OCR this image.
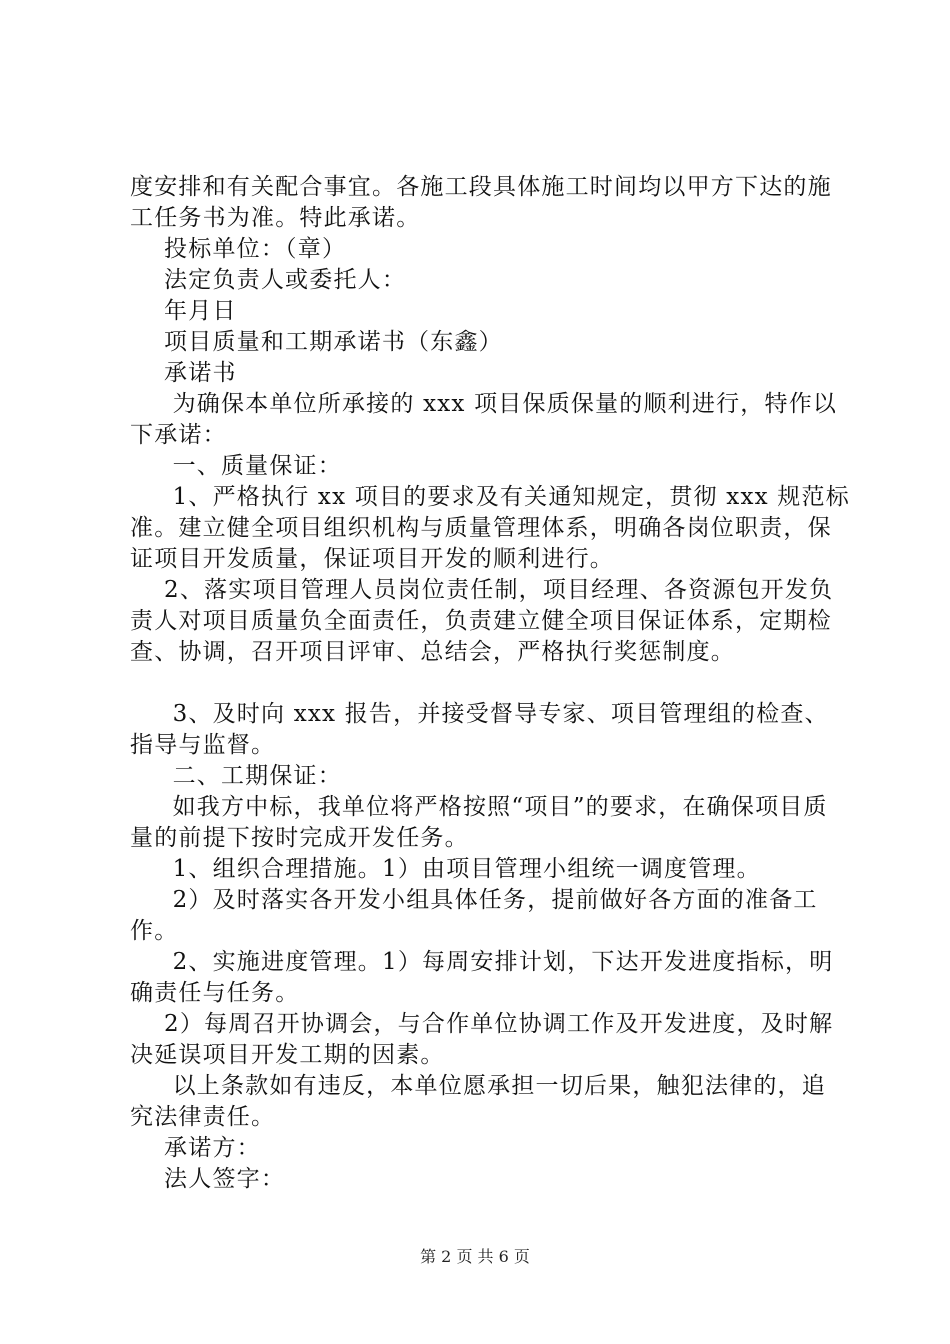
度安排和有关配合事宜。各施工段具体施工时间均以甲方下达的施工任务书为准。特此承诺。

投标单位：（章）

法定负责人或委托人：

年月日

项目质量和工期承诺书（东鑫）

承诺书

为确保本单位所承接的 xxx 项目保质保量的顺利进行，特作以下承诺：

一、质量保证：

1、严格执行 xx 项目的要求及有关通知规定，贯彻 xxx 规范标准。建立健全项目组织机构与质量管理体系，明确各岗位职责，保证项目开发质量，保证项目开发的顺利进行。

2、落实项目管理人员岗位责任制，项目经理、各资源包开发负责人对项目质量负全面责任，负责建立健全项目保证体系，定期检查、协调，召开项目评审、总结会，严格执行奖惩制度。

3、及时向 xxx 报告，并接受督导专家、项目管理组的检查、指导与监督。

二、工期保证：

如我方中标，我单位将严格按照“项目”的要求，在确保项目质量的前提下按时完成开发任务。

1、组织合理措施。1）由项目管理小组统一调度管理。

2）及时落实各开发小组具体任务，提前做好各方面的准备工作。

2、实施进度管理。1）每周安排计划，下达开发进度指标，明确责任与任务。

2）每周召开协调会，与合作单位协调工作及开发进度，及时解决延误项目开发工期的因素。

以上条款如有违反，本单位愿承担一切后果，触犯法律的，追究法律责任。

承诺方：

法人签字：

第 2 页 共 6 页
